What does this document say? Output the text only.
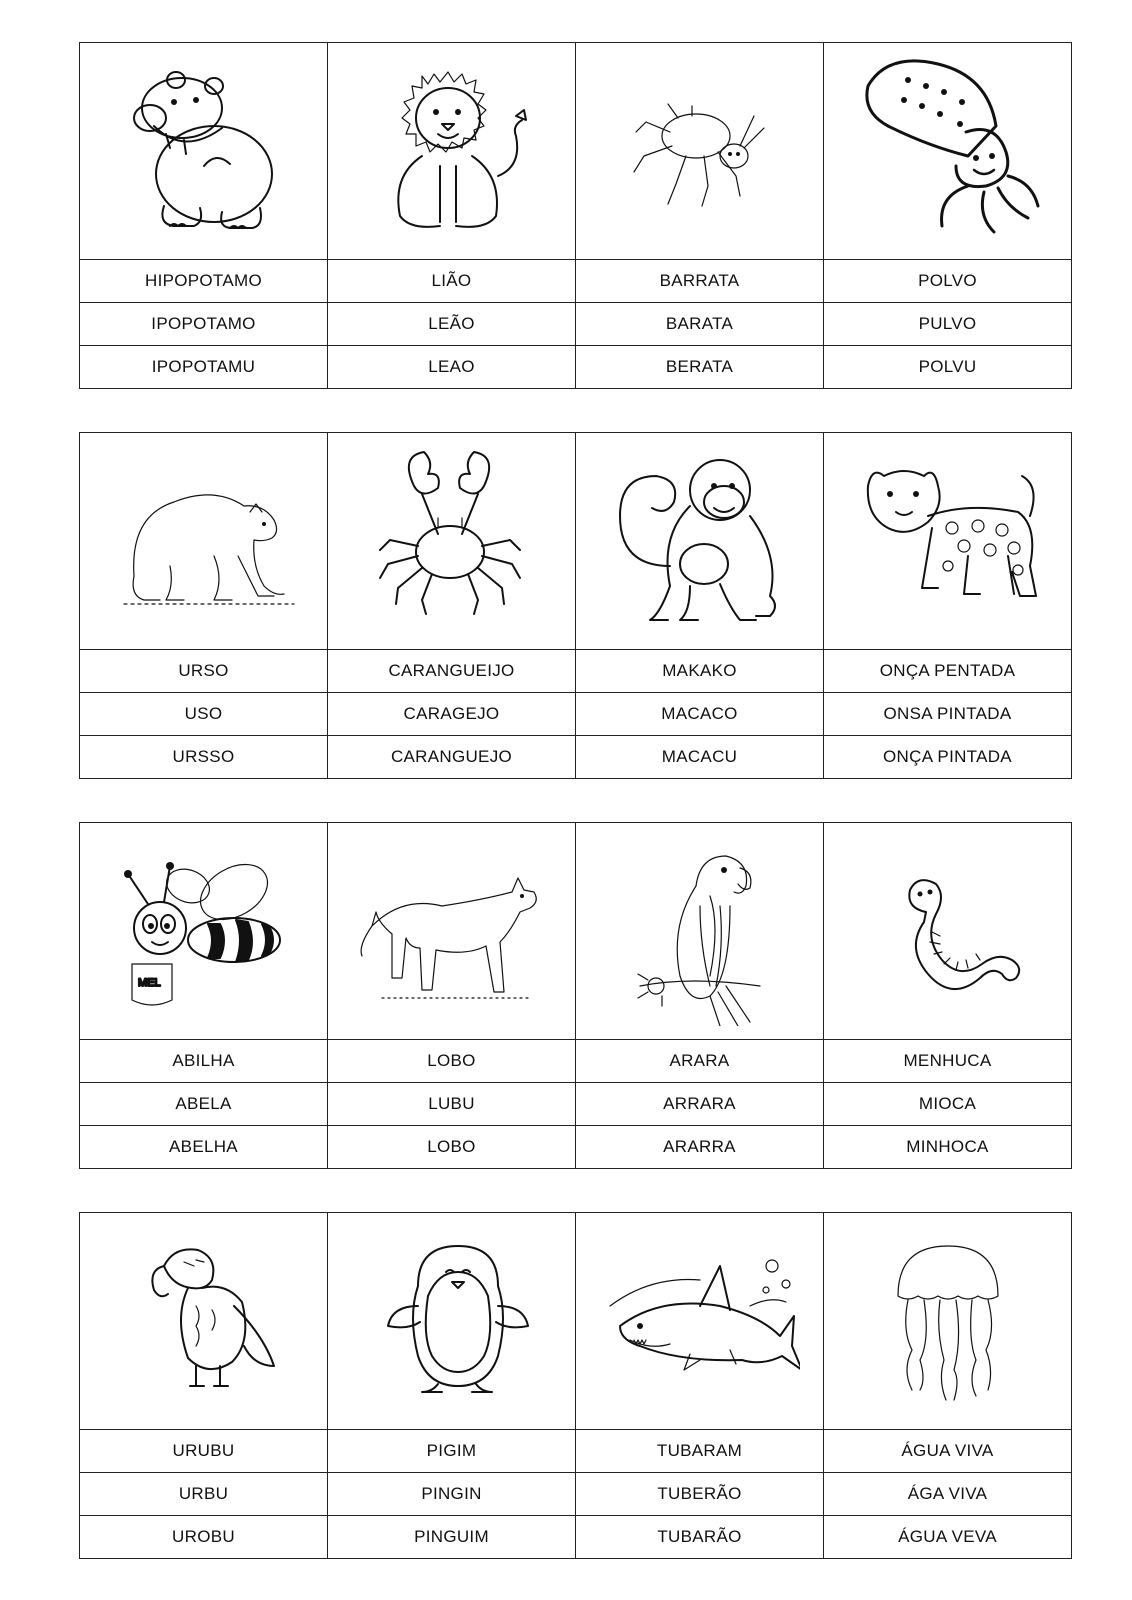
HIPOPOTAMO	LIÃO	BARRATA	POLVO
IPOPOTAMO	LEÃO	BARATA	PULVO
IPOPOTAMU	LEAO	BERATA	POLVU

URSO	CARANGUEIJO	MAKAKO	ONÇA PENTADA
USO	CARAGEJO	MACACO	ONSA PINTADA
URSSO	CARANGUEJO	MACACU	ONÇA PINTADA
MEL

ABILHA	LOBO	ARARA	MENHUCA
ABELA	LUBU	ARRARA	MIOCA
ABELHA	LOBO	ARARRA	MINHOCA

URUBU	PIGIM	TUBARAM	ÁGUA VIVA
URBU	PINGIN	TUBERÃO	ÁGA VIVA
UROBU	PINGUIM	TUBARÃO	ÁGUA VEVA
